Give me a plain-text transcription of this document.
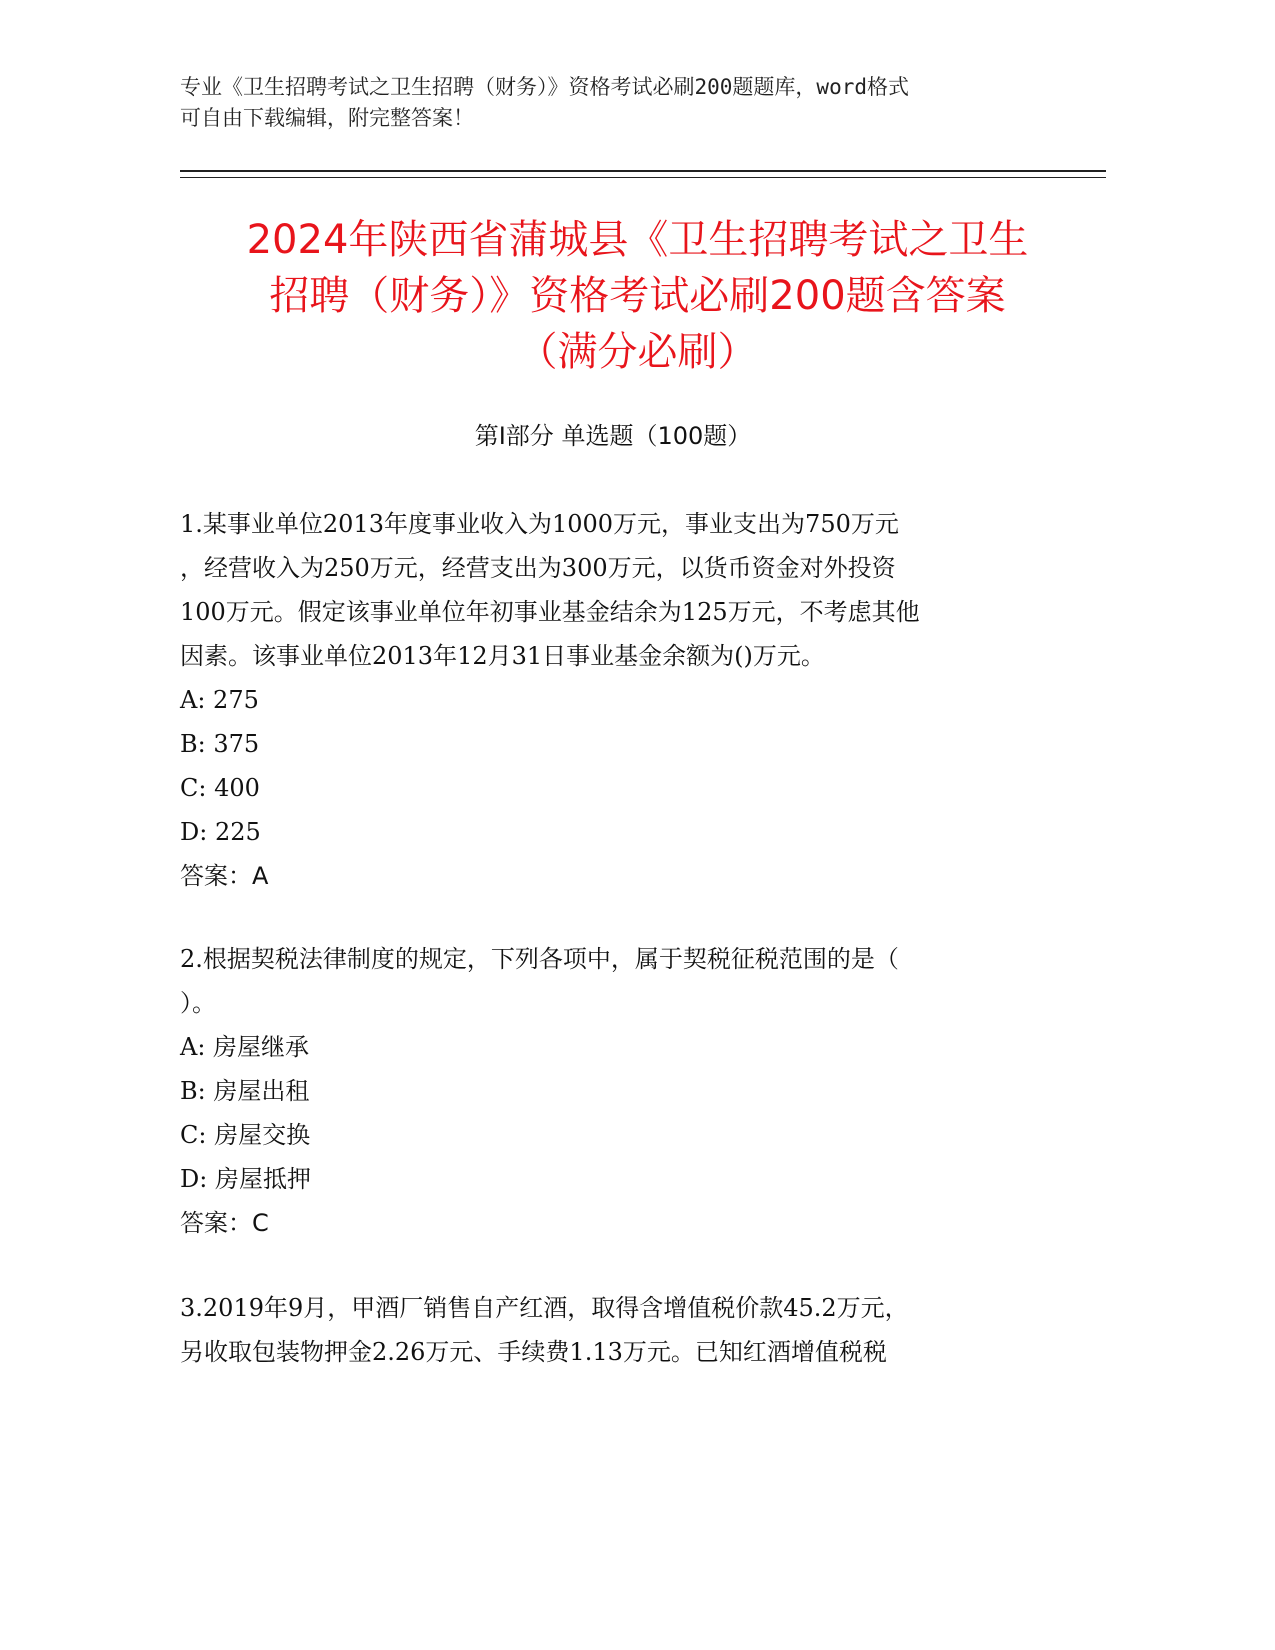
专业《卫生招聘考试之卫生招聘（财务）》资格考试必刷200题题库，word格式
可自由下载编辑，附完整答案！
2024年陕西省蒲城县《卫生招聘考试之卫生
招聘（财务）》资格考试必刷200题含答案
（满分必刷）
第Ⅰ部分 单选题（100题）
1.某事业单位2013年度事业收入为1000万元，事业支出为750万元
，经营收入为250万元，经营支出为300万元，以货币资金对外投资
100万元。假定该事业单位年初事业基金结余为125万元，不考虑其他
因素。该事业单位2013年12月31日事业基金余额为()万元。
A: 275
B: 375
C: 400
D: 225
答案：A
2.根据契税法律制度的规定，下列各项中，属于契税征税范围的是（
）。
A: 房屋继承
B: 房屋出租
C: 房屋交换
D: 房屋抵押
答案：C
3.2019年9月，甲酒厂销售自产红酒，取得含增值税价款45.2万元，
另收取包装物押金2.26万元、手续费1.13万元。已知红酒增值税税
